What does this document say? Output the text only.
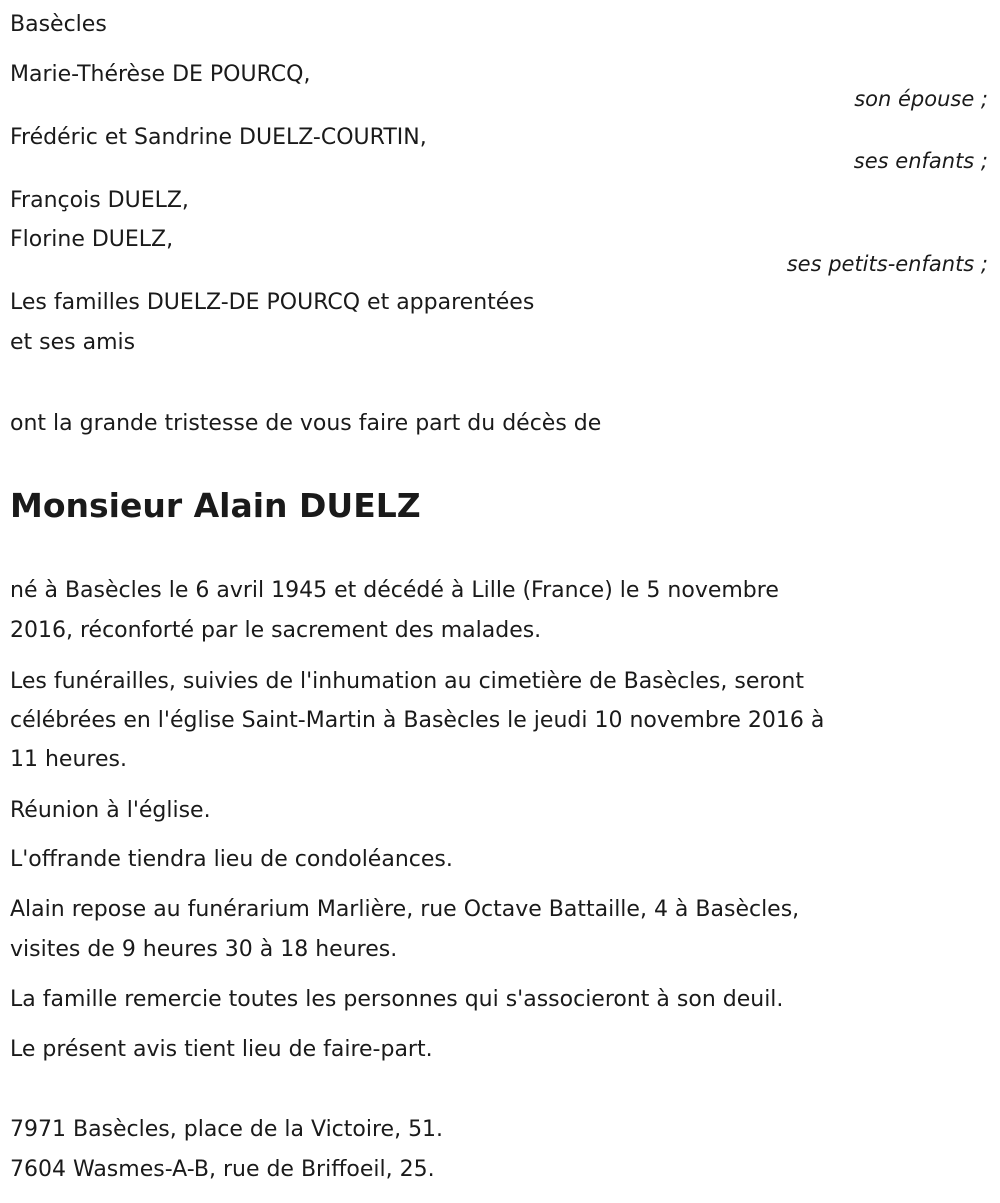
Basècles
Marie-Thérèse DE POURCQ,
son épouse ;
Frédéric et Sandrine DUELZ-COURTIN,
ses enfants ;
François DUELZ,
Florine DUELZ,
ses petits-enfants ;
Les familles DUELZ-DE POURCQ et apparentées
et ses amis
ont la grande tristesse de vous faire part du décès de
Monsieur Alain DUELZ
né à Basècles le 6 avril 1945 et décédé à Lille (France) le 5 novembre
2016, réconforté par le sacrement des malades.
Les funérailles, suivies de l'inhumation au cimetière de Basècles, seront
célébrées en l'église Saint-Martin à Basècles le jeudi 10 novembre 2016 à
11 heures.
Réunion à l'église.
L'offrande tiendra lieu de condoléances.
Alain repose au funérarium Marlière, rue Octave Battaille, 4 à Basècles,
visites de 9 heures 30 à 18 heures.
La famille remercie toutes les personnes qui s'associeront à son deuil.
Le présent avis tient lieu de faire-part.
7971 Basècles, place de la Victoire, 51.
7604 Wasmes-A-B, rue de Briffoeil, 25.
